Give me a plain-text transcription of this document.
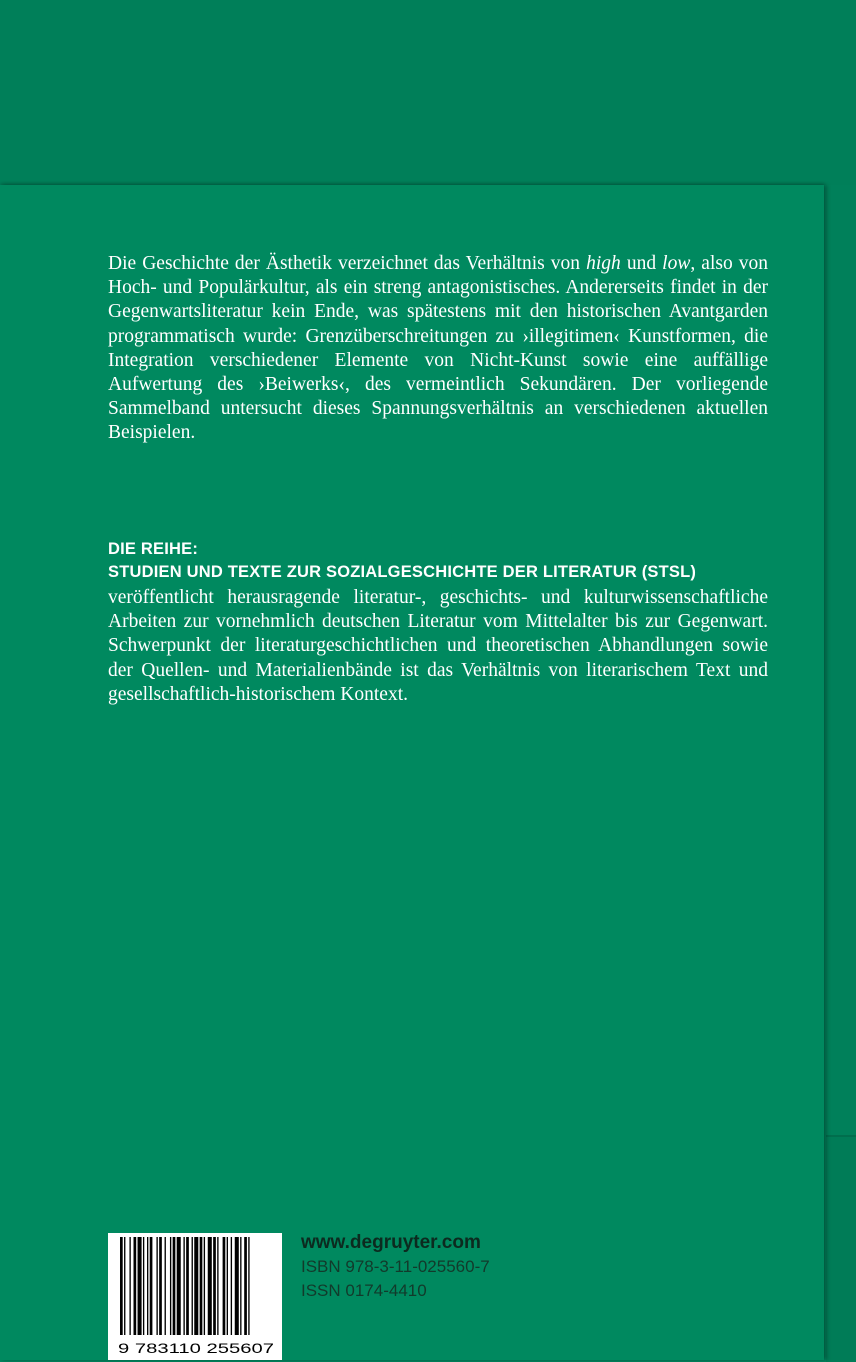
Die Geschichte der Ästhetik verzeichnet das Verhältnis von high und low, also von Hoch- und Populärkultur, als ein streng antagonistisches. Andererseits findet in der Gegenwartsliteratur kein Ende, was spätestens mit den historischen Avantgarden programmatisch wurde: Grenzüberschreitungen zu ›illegitimen‹ Kunstformen, die Integration verschiedener Elemente von Nicht-Kunst sowie eine auffällige Aufwertung des ›Beiwerks‹, des vermeintlich Sekundären. Der vorliegende Sammelband untersucht dieses Spannungsverhältnis an verschiedenen aktuellen Beispielen.

DIE REIHE:
STUDIEN UND TEXTE ZUR SOZIALGESCHICHTE DER LITERATUR (STSL)
veröffentlicht herausragende literatur-, geschichts- und kulturwissenschaftliche Arbeiten zur vornehmlich deutschen Literatur vom Mittelalter bis zur Gegenwart. Schwerpunkt der literaturgeschichtlichen und theoretischen Abhandlungen sowie der Quellen- und Materialienbände ist das Verhältnis von literarischem Text und gesellschaftlich-historischem Kontext.
9 783110 255607
www.degruyter.com
ISBN 978-3-11-025560-7
ISSN 0174-4410
